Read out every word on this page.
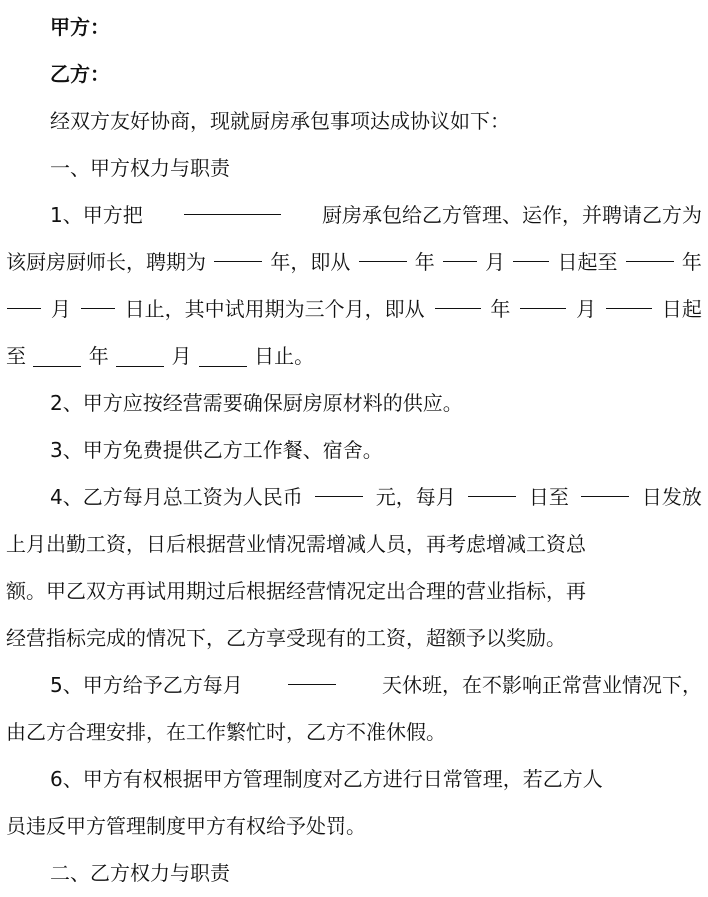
甲方：
乙方：
经双方友好协商，现就厨房承包事项达成协议如下：
一、甲方权力与职责
1、甲方把	厨房承包给乙方管理、运作，并聘请乙方为
该厨房厨师长，聘期为	年，即从	年	月	日起至	年
月	日止，其中试用期为三个月，即从	年	月	日起
至	年	月	日止。
2、甲方应按经营需要确保厨房原材料的供应。
3、甲方免费提供乙方工作餐、宿舍。
4、乙方每月总工资为人民币	元，每月	日至	日发放
上月出勤工资，日后根据营业情况需增减人员，再考虑增减工资总
额。甲乙双方再试用期过后根据经营情况定出合理的营业指标，再
经营指标完成的情况下，乙方享受现有的工资，超额予以奖励。
5、甲方给予乙方每月	天休班，在不影响正常营业情况下，
由乙方合理安排，在工作繁忙时，乙方不准休假。
6、甲方有权根据甲方管理制度对乙方进行日常管理，若乙方人
员违反甲方管理制度甲方有权给予处罚。
二、乙方权力与职责
